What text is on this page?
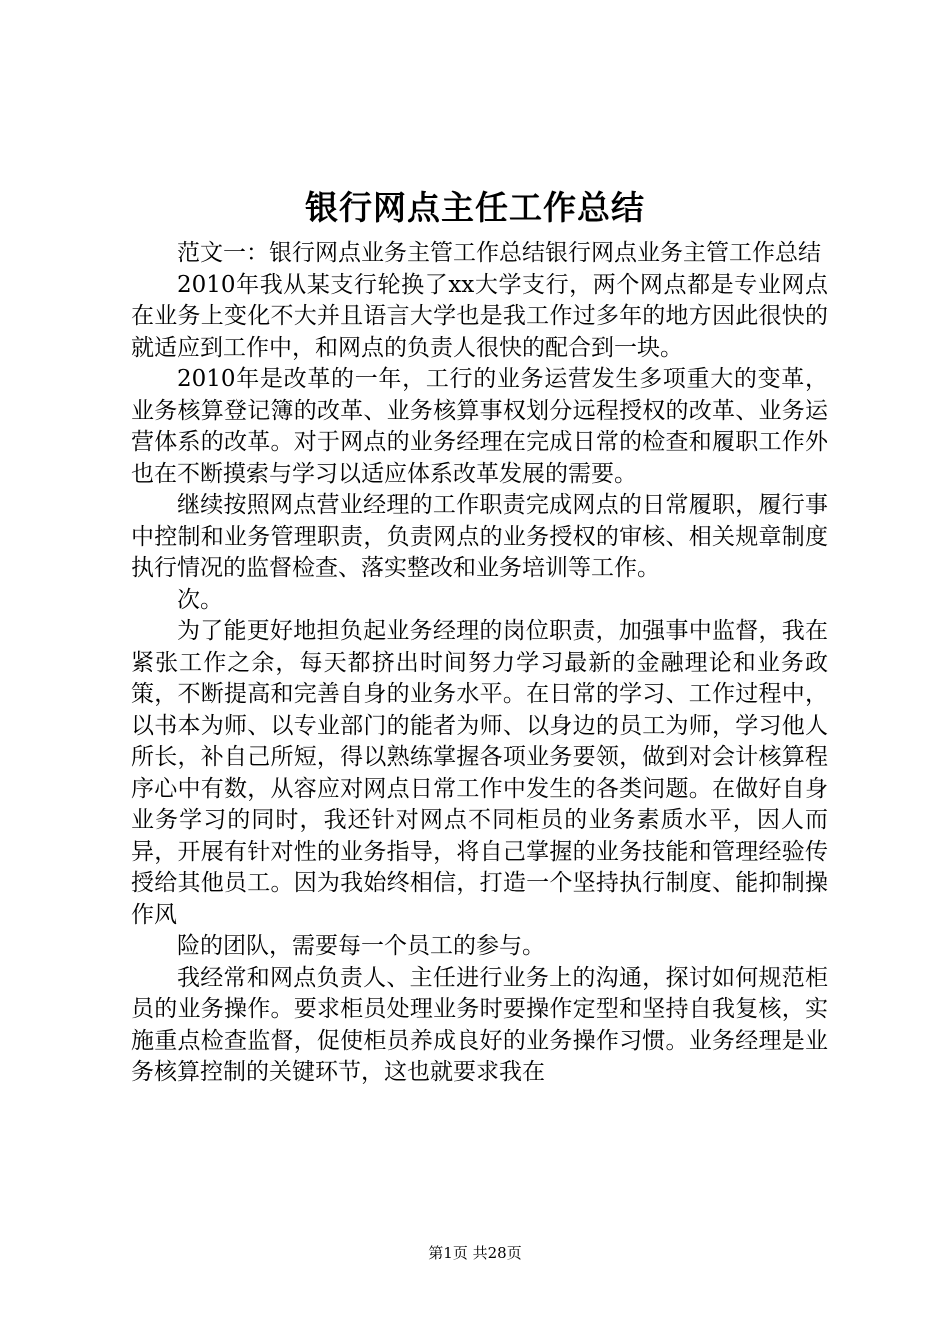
银行网点主任工作总结

范文一：银行网点业务主管工作总结银行网点业务主管工作总结

2010年我从某支行轮换了xx大学支行，两个网点都是专业网点在业务上变化不大并且语言大学也是我工作过多年的地方因此很快的就适应到工作中，和网点的负责人很快的配合到一块。

2010年是改革的一年，工行的业务运营发生多项重大的变革，业务核算登记簿的改革、业务核算事权划分远程授权的改革、业务运营体系的改革。对于网点的业务经理在完成日常的检查和履职工作外也在不断摸索与学习以适应体系改革发展的需要。

继续按照网点营业经理的工作职责完成网点的日常履职，履行事中控制和业务管理职责，负责网点的业务授权的审核、相关规章制度执行情况的监督检查、落实整改和业务培训等工作。

次。

为了能更好地担负起业务经理的岗位职责，加强事中监督，我在紧张工作之余，每天都挤出时间努力学习最新的金融理论和业务政策，不断提高和完善自身的业务水平。在日常的学习、工作过程中，以书本为师、以专业部门的能者为师、以身边的员工为师，学习他人所长，补自己所短，得以熟练掌握各项业务要领，做到对会计核算程序心中有数，从容应对网点日常工作中发生的各类问题。在做好自身业务学习的同时，我还针对网点不同柜员的业务素质水平，因人而异，开展有针对性的业务指导，将自己掌握的业务技能和管理经验传授给其他员工。因为我始终相信，打造一个坚持执行制度、能抑制操作风

险的团队，需要每一个员工的参与。

我经常和网点负责人、主任进行业务上的沟通，探讨如何规范柜员的业务操作。要求柜员处理业务时要操作定型和坚持自我复核，实施重点检查监督，促使柜员养成良好的业务操作习惯。业务经理是业务核算控制的关键环节，这也就要求我在

第1页 共28页
